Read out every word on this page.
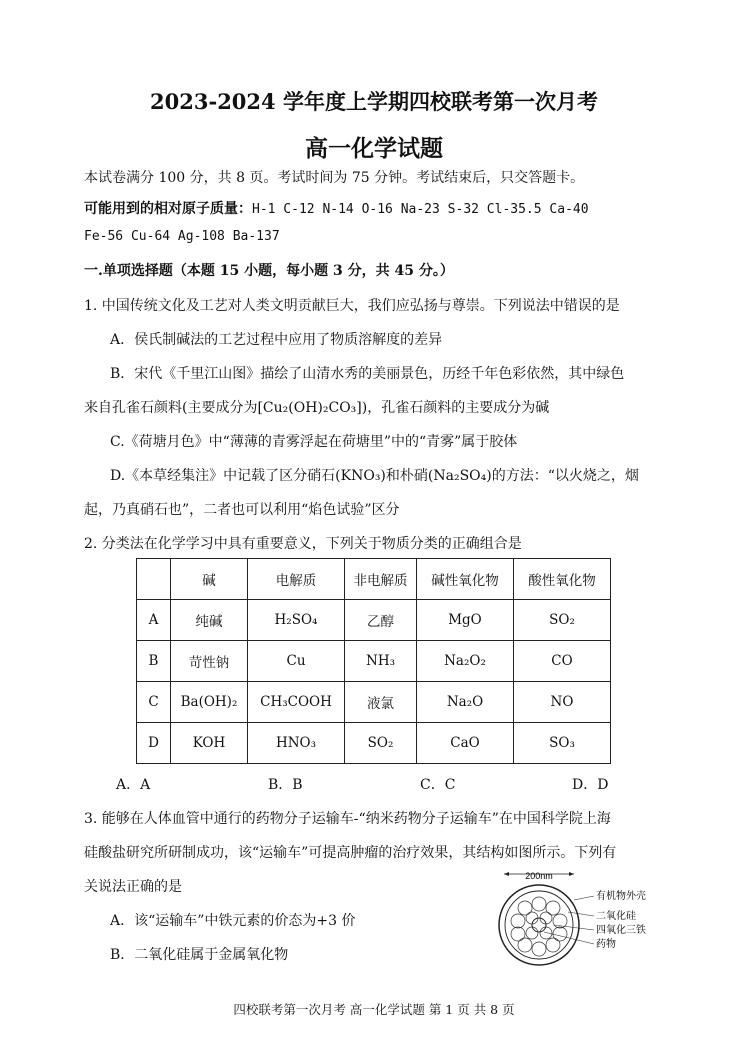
2023-2024 学年度上学期四校联考第一次月考
高一化学试题
本试卷满分 100 分，共 8 页。考试时间为 75 分钟。考试结束后，只交答题卡。
可能用到的相对原子质量：H-1 C-12 N-14 O-16 Na-23 S-32 Cl-35.5 Ca-40
Fe-56 Cu-64 Ag-108 Ba-137
一.单项选择题（本题 15 小题，每小题 3 分，共 45 分。）
1. 中国传统文化及工艺对人类文明贡献巨大，我们应弘扬与尊崇。下列说法中错误的是
A．侯氏制碱法的工艺过程中应用了物质溶解度的差异
B．宋代《千里江山图》描绘了山清水秀的美丽景色，历经千年色彩依然，其中绿色
来自孔雀石颜料(主要成分为[Cu₂(OH)₂CO₃])，孔雀石颜料的主要成分为碱
C.《荷塘月色》中“薄薄的青雾浮起在荷塘里”中的“青雾”属于胶体
D.《本草经集注》中记载了区分硝石(KNO₃)和朴硝(Na₂SO₄)的方法：“以火烧之，烟
起，乃真硝石也”，二者也可以利用“焰色试验”区分
2. 分类法在化学学习中具有重要意义，下列关于物质分类的正确组合是
	碱	电解质	非电解质	碱性氧化物	酸性氧化物
A	纯碱	H₂SO₄	乙醇	MgO	SO₂
B	苛性钠	Cu	NH₃	Na₂O₂	CO
C	Ba(OH)₂	CH₃COOH	液氯	Na₂O	NO
D	KOH	HNO₃	SO₂	CaO	SO₃
A．A	B．B	C．C	D．D
3. 能够在人体血管中通行的药物分子运输车-“纳米药物分子运输车”在中国科学院上海
硅酸盐研究所研制成功，该“运输车”可提高肿瘤的治疗效果，其结构如图所示。下列有
关说法正确的是
A．该“运输车”中铁元素的价态为+3 价
B．二氧化硅属于金属氧化物
200nm
有机物外壳
二氧化硅
四氧化三铁
药物
四校联考第一次月考 高一化学试题 第 1 页 共 8 页
